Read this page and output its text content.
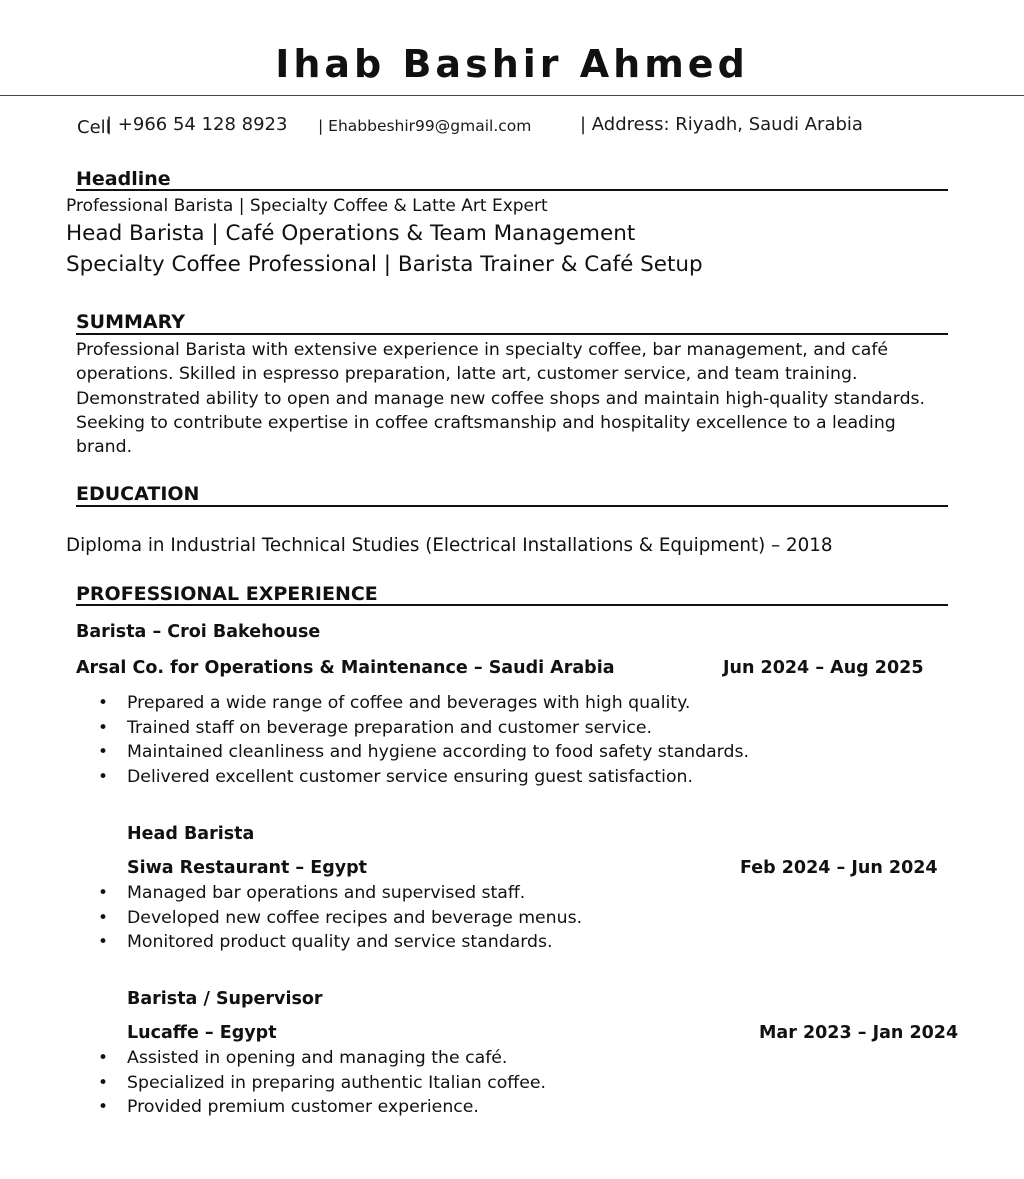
Ihab Bashir Ahmed
Cell
| +966 54 128 8923 | Ehabbeshir99@gmail.com	| Address: Riyadh, Saudi Arabia
Headline
Professional Barista | Specialty Coffee & Latte Art Expert
Head Barista | Café Operations & Team Management
Specialty Coffee Professional | Barista Trainer & Café Setup
SUMMARY
Professional Barista with extensive experience in specialty coffee, bar management, and café operations. Skilled in espresso preparation, latte art, customer service, and team training. Demonstrated ability to open and manage new coffee shops and maintain high-quality standards. Seeking to contribute expertise in coffee craftsmanship and hospitality excellence to a leading brand.
EDUCATION
Diploma in Industrial Technical Studies (Electrical Installations & Equipment) – 2018
PROFESSIONAL EXPERIENCE
Barista – Croi Bakehouse
Arsal Co. for Operations & Maintenance – Saudi Arabia	Jun 2024 – Aug 2025
• Prepared a wide range of coffee and beverages with high quality.
• Trained staff on beverage preparation and customer service.
• Maintained cleanliness and hygiene according to food safety standards.
• Delivered excellent customer service ensuring guest satisfaction.
Head Barista
Siwa Restaurant – Egypt	Feb 2024 – Jun 2024
• Managed bar operations and supervised staff.
• Developed new coffee recipes and beverage menus.
• Monitored product quality and service standards.
Barista / Supervisor
Lucaffe – Egypt	Mar 2023 – Jan 2024
• Assisted in opening and managing the café.
• Specialized in preparing authentic Italian coffee.
• Provided premium customer experience.
